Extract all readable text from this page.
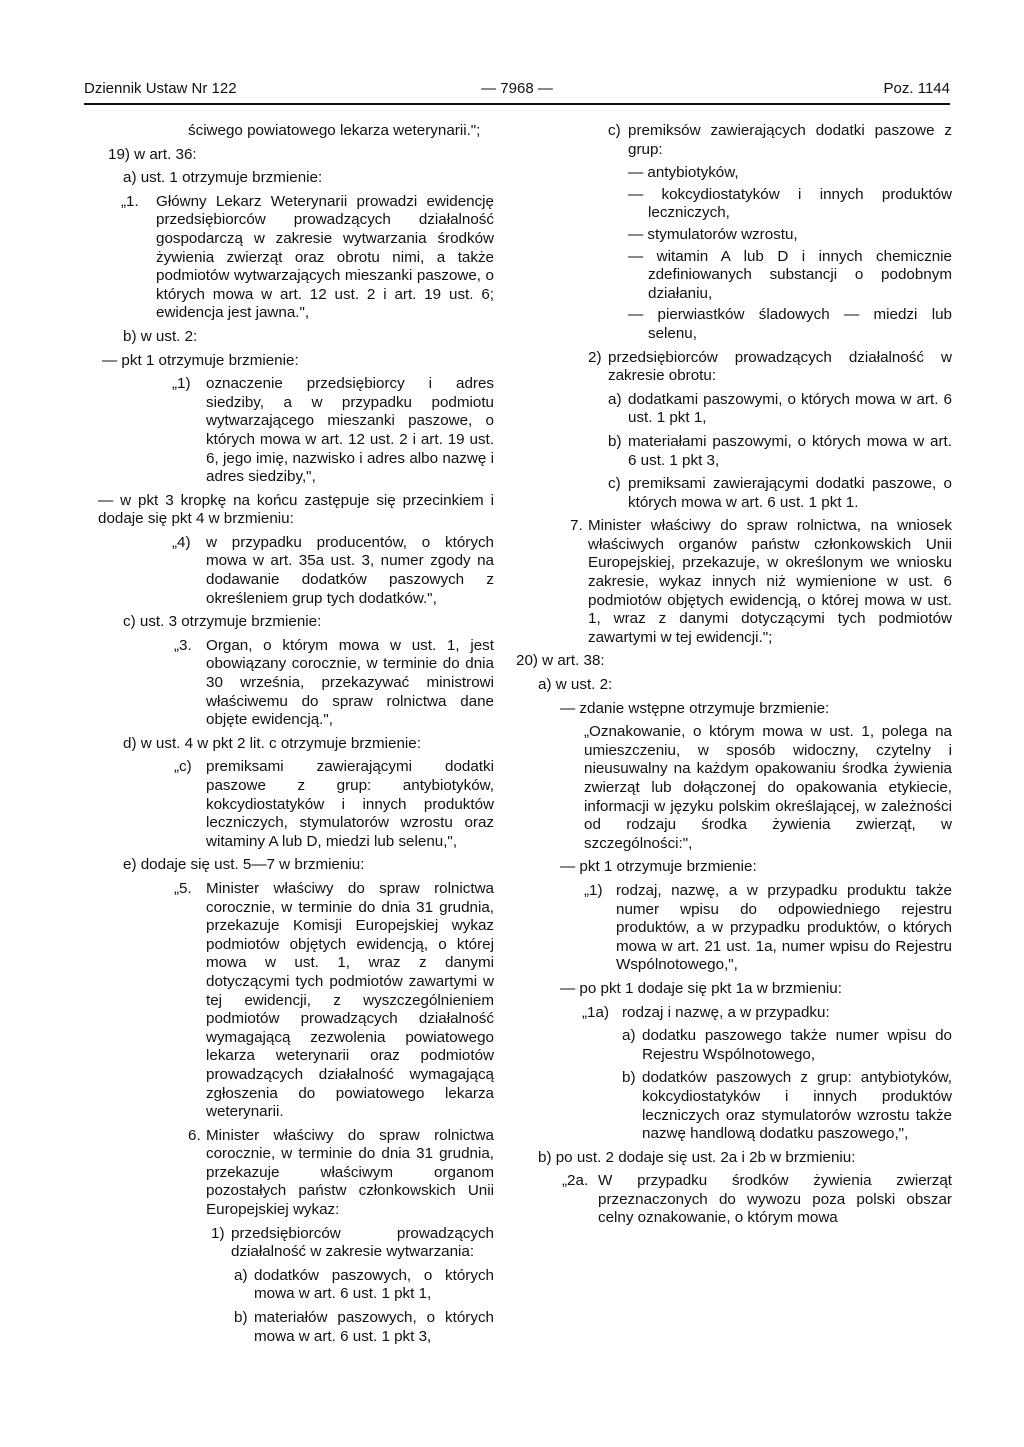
Dziennik Ustaw Nr 122	— 7968 —	Poz. 1144
ściwego powiatowego lekarza weterynarii.";
19) w art. 36:
a) ust. 1 otrzymuje brzmienie:
„1. Główny Lekarz Weterynarii prowadzi ewidencję przedsiębiorców prowadzących działalność gospodarczą w zakresie wytwarzania środków żywienia zwierząt oraz obrotu nimi, a także podmiotów wytwarzających mieszanki paszowe, o których mowa w art. 12 ust. 2 i art. 19 ust. 6; ewidencja jest jawna.",
b) w ust. 2:
— pkt 1 otrzymuje brzmienie:
„1) oznaczenie przedsiębiorcy i adres siedziby, a w przypadku podmiotu wytwarzającego mieszanki paszowe, o których mowa w art. 12 ust. 2 i art. 19 ust. 6, jego imię, nazwisko i adres albo nazwę i adres siedziby,",
— w pkt 3 kropkę na końcu zastępuje się przecinkiem i dodaje się pkt 4 w brzmieniu:
„4) w przypadku producentów, o których mowa w art. 35a ust. 3, numer zgody na dodawanie dodatków paszowych z określeniem grup tych dodatków.",
c) ust. 3 otrzymuje brzmienie:
„3. Organ, o którym mowa w ust. 1, jest obowiązany corocznie, w terminie do dnia 30 września, przekazywać ministrowi właściwemu do spraw rolnictwa dane objęte ewidencją.",
d) w ust. 4 w pkt 2 lit. c otrzymuje brzmienie:
„c) premiksami zawierającymi dodatki paszowe z grup: antybiotyków, kokcydiostatyków i innych produktów leczniczych, stymulatorów wzrostu oraz witaminy A lub D, miedzi lub selenu,",
e) dodaje się ust. 5—7 w brzmieniu:
„5. Minister właściwy do spraw rolnictwa corocznie, w terminie do dnia 31 grudnia, przekazuje Komisji Europejskiej wykaz podmiotów objętych ewidencją, o której mowa w ust. 1, wraz z danymi dotyczącymi tych podmiotów zawartymi w tej ewidencji, z wyszczególnieniem podmiotów prowadzących działalność wymagającą zezwolenia powiatowego lekarza weterynarii oraz podmiotów prowadzących działalność wymagającą zgłoszenia do powiatowego lekarza weterynarii.
6. Minister właściwy do spraw rolnictwa corocznie, w terminie do dnia 31 grudnia, przekazuje właściwym organom pozostałych państw członkowskich Unii Europejskiej wykaz:
1) przedsiębiorców prowadzących działalność w zakresie wytwarzania:
a) dodatków paszowych, o których mowa w art. 6 ust. 1 pkt 1,
b) materiałów paszowych, o których mowa w art. 6 ust. 1 pkt 3,
c) premiksów zawierających dodatki paszowe z grup:
— antybiotyków,
— kokcydiostatyków i innych produktów leczniczych,
— stymulatorów wzrostu,
— witamin A lub D i innych chemicznie zdefiniowanych substancji o podobnym działaniu,
— pierwiastków śladowych — miedzi lub selenu,
2) przedsiębiorców prowadzących działalność w zakresie obrotu:
a) dodatkami paszowymi, o których mowa w art. 6 ust. 1 pkt 1,
b) materiałami paszowymi, o których mowa w art. 6 ust. 1 pkt 3,
c) premiksami zawierającymi dodatki paszowe, o których mowa w art. 6 ust. 1 pkt 1.
7. Minister właściwy do spraw rolnictwa, na wniosek właściwych organów państw członkowskich Unii Europejskiej, przekazuje, w określonym we wniosku zakresie, wykaz innych niż wymienione w ust. 6 podmiotów objętych ewidencją, o której mowa w ust. 1, wraz z danymi dotyczącymi tych podmiotów zawartymi w tej ewidencji.";
20) w art. 38:
a) w ust. 2:
— zdanie wstępne otrzymuje brzmienie:
„Oznakowanie, o którym mowa w ust. 1, polega na umieszczeniu, w sposób widoczny, czytelny i nieusuwalny na każdym opakowaniu środka żywienia zwierząt lub dołączonej do opakowania etykiecie, informacji w języku polskim określającej, w zależności od rodzaju środka żywienia zwierząt, w szczególności:",
— pkt 1 otrzymuje brzmienie:
„1) rodzaj, nazwę, a w przypadku produktu także numer wpisu do odpowiedniego rejestru produktów, a w przypadku produktów, o których mowa w art. 21 ust. 1a, numer wpisu do Rejestru Wspólnotowego,",
— po pkt 1 dodaje się pkt 1a w brzmieniu:
„1a) rodzaj i nazwę, a w przypadku:
a) dodatku paszowego także numer wpisu do Rejestru Wspólnotowego,
b) dodatków paszowych z grup: antybiotyków, kokcydiostatyków i innych produktów leczniczych oraz stymulatorów wzrostu także nazwę handlową dodatku paszowego,",
b) po ust. 2 dodaje się ust. 2a i 2b w brzmieniu:
„2a. W przypadku środków żywienia zwierząt przeznaczonych do wywozu poza polski obszar celny oznakowanie, o którym mowa
